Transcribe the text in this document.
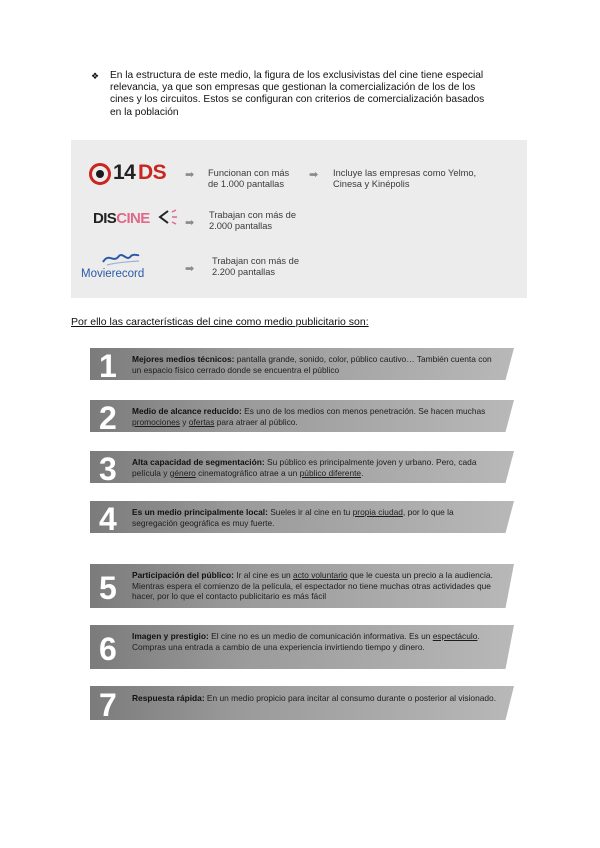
❖	En la estructura de este medio, la figura de los exclusivistas del cine tiene especial
relevancia, ya que son empresas que gestionan la comercialización de los de los
cines y los circuitos. Estos se configuran con criterios de comercialización basados
en la población
14 DS ➡ Funcionan con más
de 1.000 pantallas
➡ Incluye las empresas como Yelmo,
Cinesa y Kinépolis
DISCINE	➡
Trabajan con más de
2.000 pantallas
Movierecord	➡
Trabajan con más de
2.200 pantallas
Por ello las características del cine como medio publicitario son:
1 Mejores medios técnicos: pantalla grande, sonido, color, público cautivo… También cuenta con un espacio físico cerrado donde se encuentra el público
2 Medio de alcance reducido: Es uno de los medios con menos penetración. Se hacen muchas promociones y ofertas para atraer al público.
3 Alta capacidad de segmentación: Su público es principalmente joven y urbano. Pero, cada película y género cinematográfico atrae a un público diferente.
4 Es un medio principalmente local: Sueles ir al cine en tu propia ciudad, por lo que la segregación geográfica es muy fuerte.
5 Participación del público: Ir al cine es un acto voluntario que le cuesta un precio a la audiencia. Mientras espera el comienzo de la película, el espectador no tiene muchas otras actividades que hacer, por lo que el contacto publicitario es más fácil
6 Imagen y prestigio: El cine no es un medio de comunicación informativa. Es un espectáculo. Compras una entrada a cambio de una experiencia invirtiendo tiempo y dinero.
7 Respuesta rápida: En un medio propicio para incitar al consumo durante o posterior al visionado.
